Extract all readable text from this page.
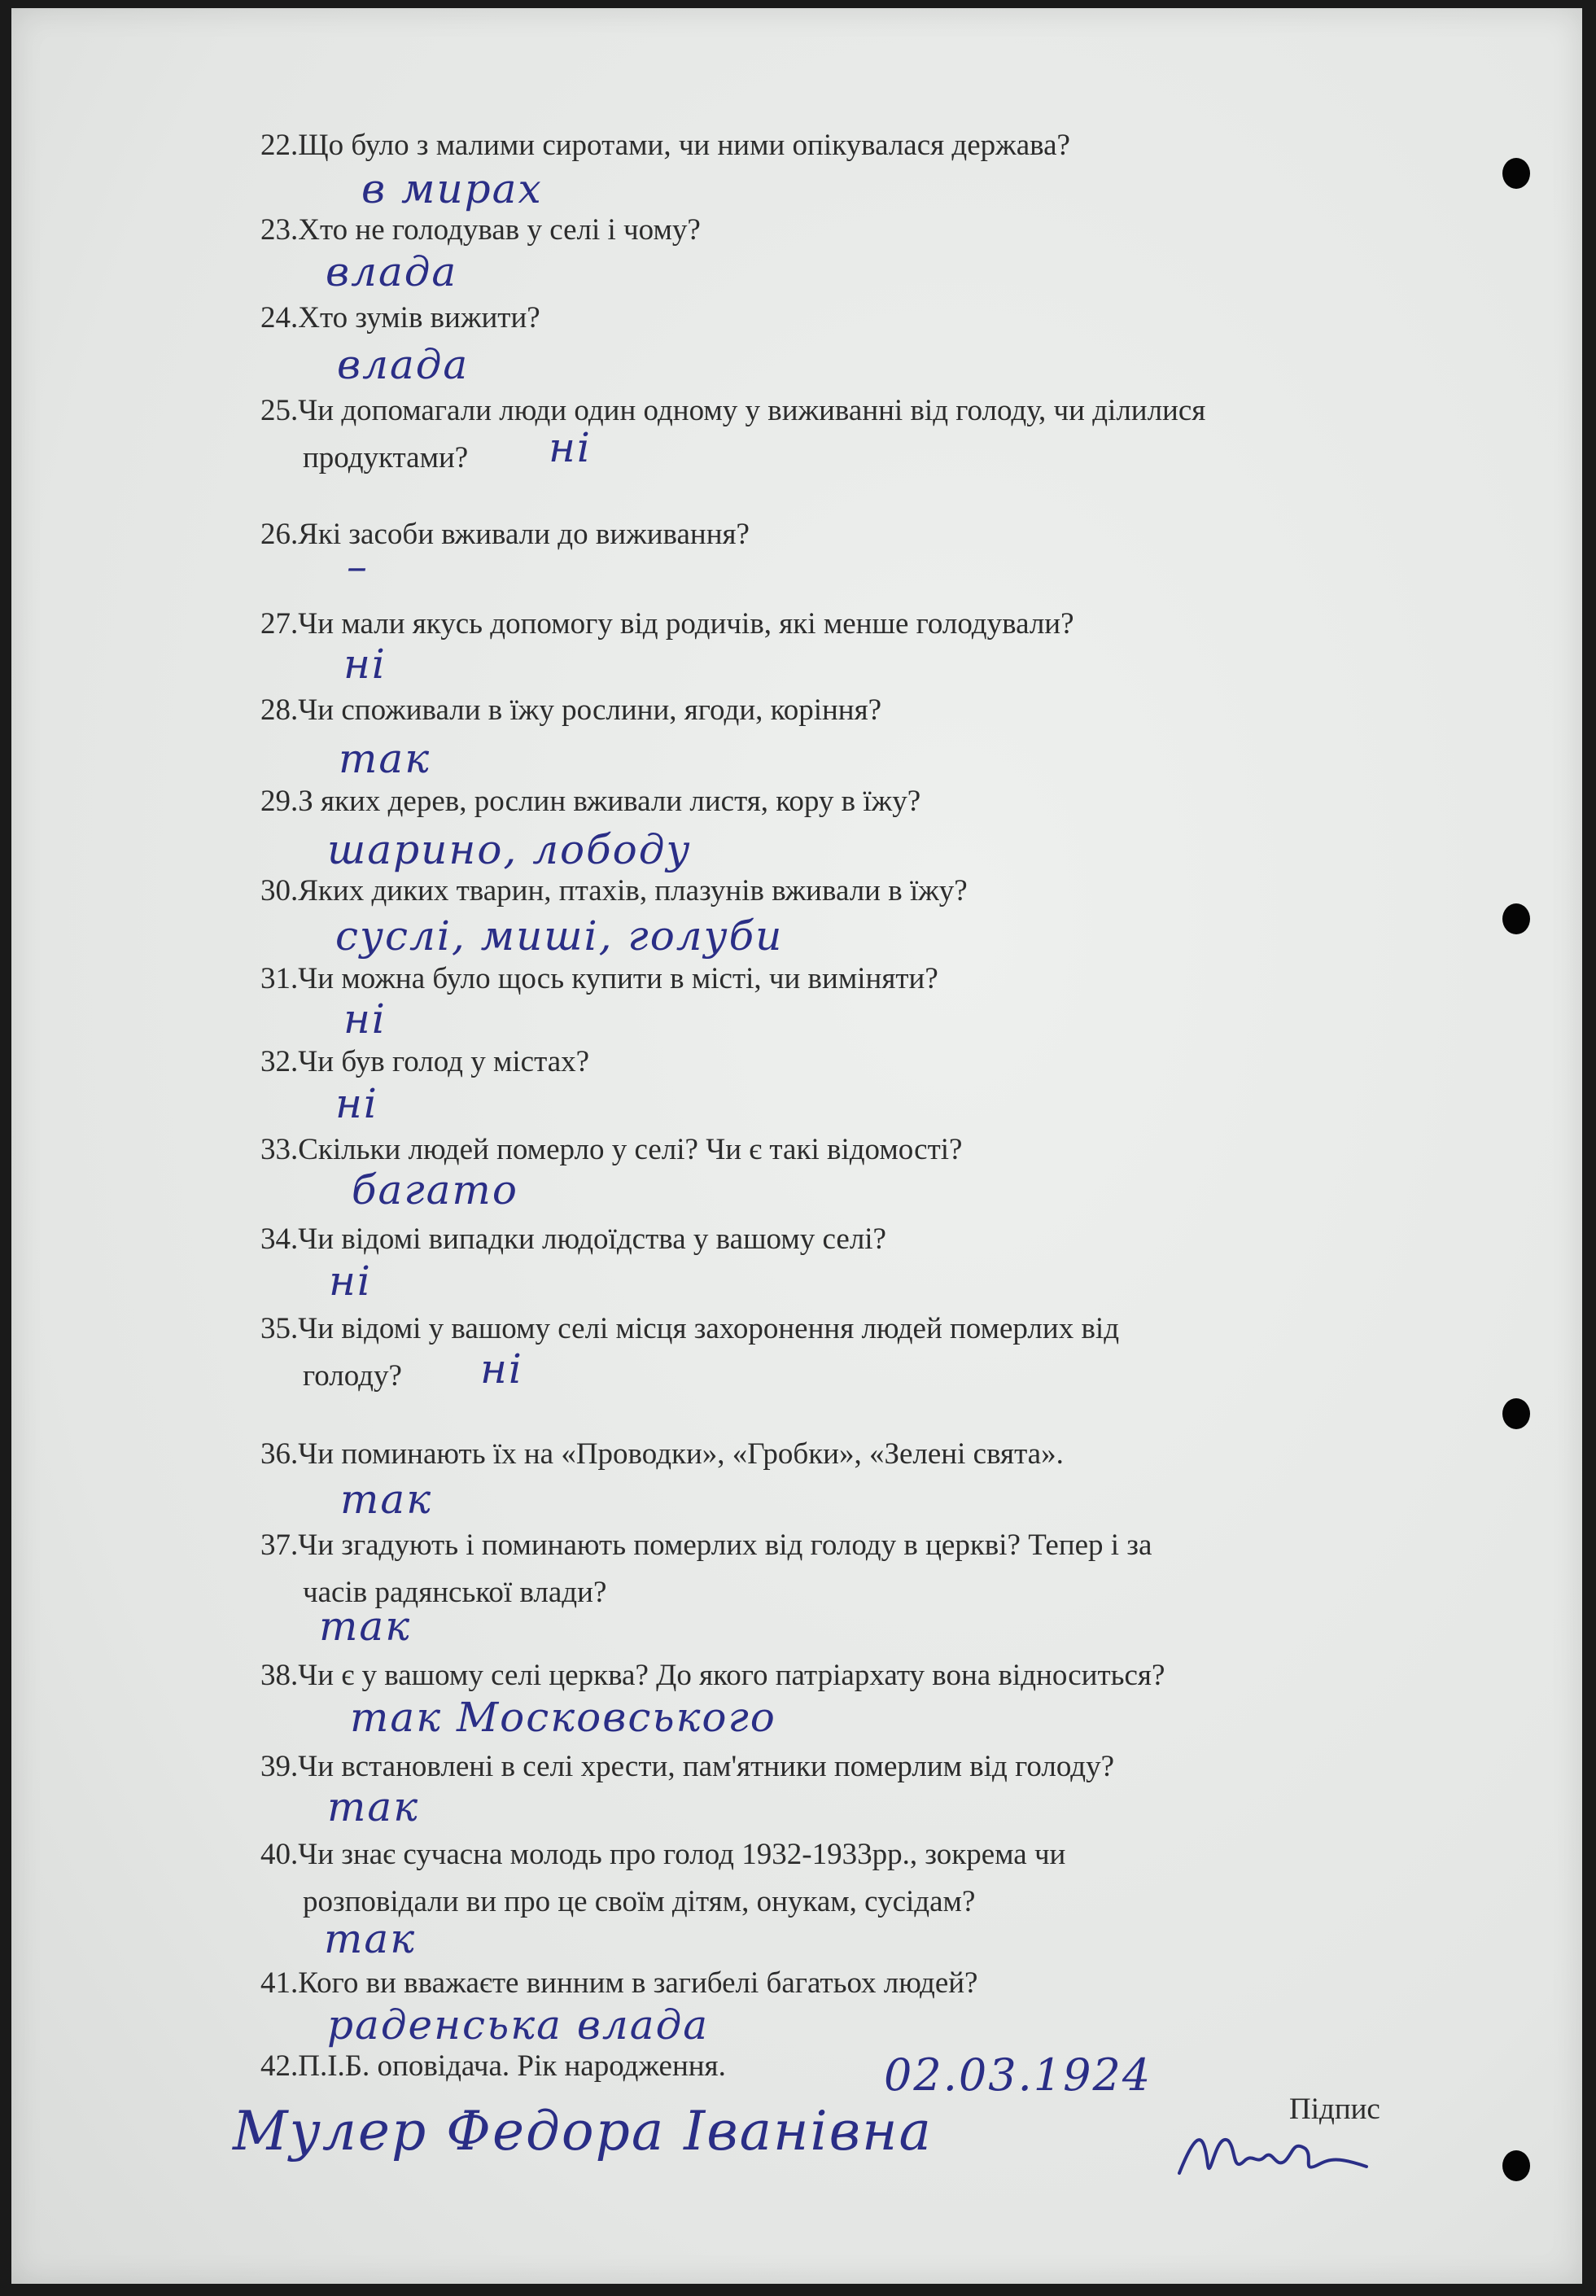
22.Що було з малими сиротами, чи ними опікувалася держава?

в мирах

23.Хто не голодував у селі і чому?

влада

24.Хто зумів вижити?

влада

25.Чи допомагали люди один одному у виживанні від голоду, чи ділилися
продуктами?	ні

26.Які засоби вживали до виживання?

–

27.Чи мали якусь допомогу від родичів, які менше голодували?

ні

28.Чи споживали в їжу рослини, ягоди, коріння?

так

29.З яких дерев, рослин вживали листя, кору в їжу?

шарино, лободу

30.Яких диких тварин, птахів, плазунів вживали в їжу?

суслі, миші, голуби

31.Чи можна було щось купити в місті, чи виміняти?

ні

32.Чи був голод у містах?

ні

33.Скільки людей померло у селі? Чи є такі відомості?

багато

34.Чи відомі випадки людоїдства у вашому селі?

ні

35.Чи відомі у вашому селі місця захоронення людей померлих від
голоду?	ні

36.Чи поминають їх на «Проводки», «Гробки», «Зелені свята».

так

37.Чи згадують і поминають померлих від голоду в церкві? Тепер і за
часів радянської влади?

так

38.Чи є у вашому селі церква? До якого патріархату вона відноситься?

так Московського

39.Чи встановлені в селі хрести, пам'ятники померлим від голоду?

так

40.Чи знає сучасна молодь про голод 1932-1933рр., зокрема чи
розповідали ви про це своїм дітям, онукам, сусідам?

так

41.Кого ви вважаєте винним в загибелі багатьох людей?

раденська влада

42.П.І.Б. оповідача. Рік народження.	02.03.1924

Підпис

Мулер Федора Іванівна
